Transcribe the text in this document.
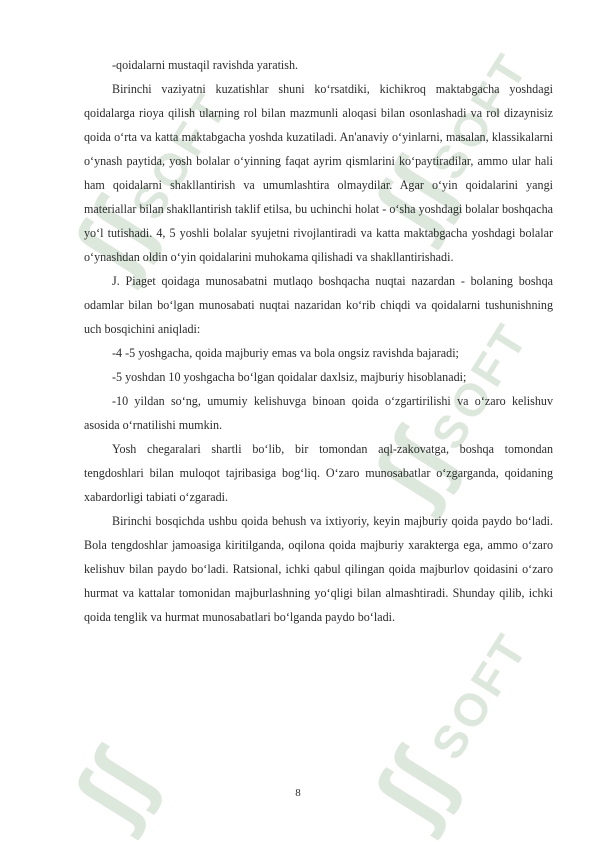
ʃʃ
SOFT ʃʃ
SOFT
ʃʃ
SOFT
ʃʃ ʃʃ
SOFT

-qoidalarni mustaqil ravishda yaratish.

Birinchi vaziyatni kuzatishlar shuni koʻrsatdiki, kichikroq maktabgacha yoshdagi qoidalarga rioya qilish ularning rol bilan mazmunli aloqasi bilan osonlashadi va rol dizaynisiz qoida oʻrta va katta maktabgacha yoshda kuzatiladi. An'anaviy oʻyinlarni, masalan, klassikalarni oʻynash paytida, yosh bolalar oʻyinning faqat ayrim qismlarini koʻpaytiradilar, ammo ular hali ham qoidalarni shakllantirish va umumlashtira olmaydilar. Agar oʻyin qoidalarini yangi materiallar bilan shakllantirish taklif etilsa, bu uchinchi holat - oʻsha yoshdagi bolalar boshqacha yoʻl tutishadi. 4, 5 yoshli bolalar syujetni rivojlantiradi va katta maktabgacha yoshdagi bolalar oʻynashdan oldin oʻyin qoidalarini muhokama qilishadi va shakllantirishadi.

J. Piaget qoidaga munosabatni mutlaqo boshqacha nuqtai nazardan - bolaning boshqa odamlar bilan boʻlgan munosabati nuqtai nazaridan koʻrib chiqdi va qoidalarni tushunishning uch bosqichini aniqladi:

-4 -5 yoshgacha, qoida majburiy emas va bola ongsiz ravishda bajaradi;

-5 yoshdan 10 yoshgacha boʻlgan qoidalar daxlsiz, majburiy hisoblanadi;

-10 yildan soʻng, umumiy kelishuvga binoan qoida oʻzgartirilishi va oʻzaro kelishuv asosida oʻrnatilishi mumkin.

Yosh chegaralari shartli boʻlib, bir tomondan aql-zakovatga, boshqa tomondan tengdoshlari bilan muloqot tajribasiga bogʻliq. Oʻzaro munosabatlar oʻzgarganda, qoidaning xabardorligi tabiati oʻzgaradi.

Birinchi bosqichda ushbu qoida behush va ixtiyoriy, keyin majburiy qoida paydo boʻladi. Bola tengdoshlar jamoasiga kiritilganda, oqilona qoida majburiy xarakterga ega, ammo oʻzaro kelishuv bilan paydo boʻladi. Ratsional, ichki qabul qilingan qoida majburlov qoidasini oʻzaro hurmat va kattalar tomonidan majburlashning yoʻqligi bilan almashtiradi. Shunday qilib, ichki qoida tenglik va hurmat munosabatlari boʻlganda paydo boʻladi.

8
